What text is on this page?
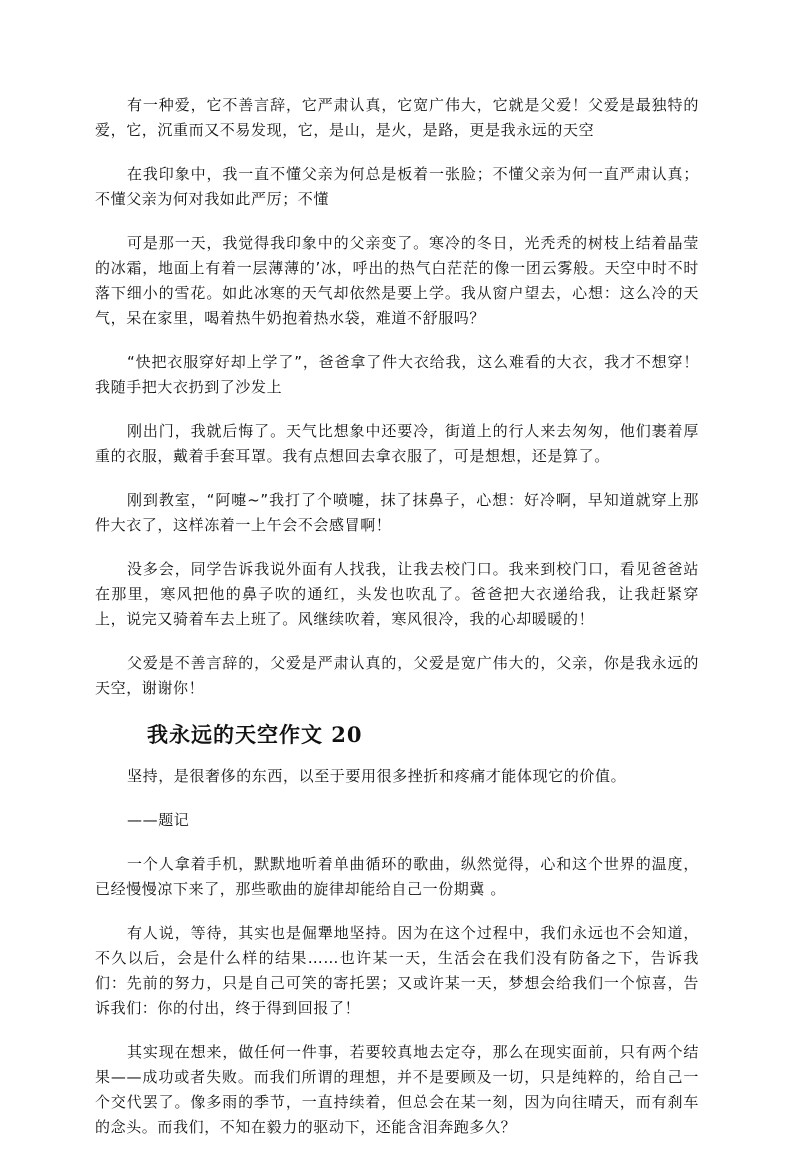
有一种爱，它不善言辞，它严肃认真，它宽广伟大，它就是父爱！父爱是最独特的爱，它，沉重而又不易发现，它，是山，是火，是路，更是我永远的天空

在我印象中，我一直不懂父亲为何总是板着一张脸；不懂父亲为何一直严肃认真；不懂父亲为何对我如此严厉；不懂

可是那一天，我觉得我印象中的父亲变了。寒冷的冬日，光秃秃的树枝上结着晶莹的冰霜，地面上有着一层薄薄的’冰，呼出的热气白茫茫的像一团云雾般。天空中时不时落下细小的雪花。如此冰寒的天气却依然是要上学。我从窗户望去，心想：这么冷的天气，呆在家里，喝着热牛奶抱着热水袋，难道不舒服吗？

“快把衣服穿好却上学了”，爸爸拿了件大衣给我，这么难看的大衣，我才不想穿！我随手把大衣扔到了沙发上

刚出门，我就后悔了。天气比想象中还要冷，街道上的行人来去匆匆，他们裹着厚重的衣服，戴着手套耳罩。我有点想回去拿衣服了，可是想想，还是算了。

刚到教室，“阿嚏~”我打了个喷嚏，抹了抹鼻子，心想：好冷啊，早知道就穿上那件大衣了，这样冻着一上午会不会感冒啊！

没多会，同学告诉我说外面有人找我，让我去校门口。我来到校门口，看见爸爸站在那里，寒风把他的鼻子吹的通红，头发也吹乱了。爸爸把大衣递给我，让我赶紧穿上，说完又骑着车去上班了。风继续吹着，寒风很冷，我的心却暖暖的！

父爱是不善言辞的，父爱是严肃认真的，父爱是宽广伟大的，父亲，你是我永远的天空，谢谢你！

我永远的天空作文 20

坚持，是很奢侈的东西，以至于要用很多挫折和疼痛才能体现它的价值。

——题记

一个人拿着手机，默默地听着单曲循环的歌曲，纵然觉得，心和这个世界的温度，已经慢慢凉下来了，那些歌曲的旋律却能给自己一份期冀 。

有人说，等待，其实也是倔犟地坚持。因为在这个过程中，我们永远也不会知道，不久以后，会是什么样的结果……也许某一天，生活会在我们没有防备之下，告诉我们：先前的努力，只是自己可笑的寄托罢；又或许某一天，梦想会给我们一个惊喜，告诉我们：你的付出，终于得到回报了！

其实现在想来，做任何一件事，若要较真地去定夺，那么在现实面前，只有两个结果——成功或者失败。而我们所谓的理想，并不是要顾及一切，只是纯粹的，给自己一个交代罢了。像多雨的季节，一直持续着，但总会在某一刻，因为向往晴天，而有刹车的念头。而我们，不知在毅力的驱动下，还能含泪奔跑多久？
